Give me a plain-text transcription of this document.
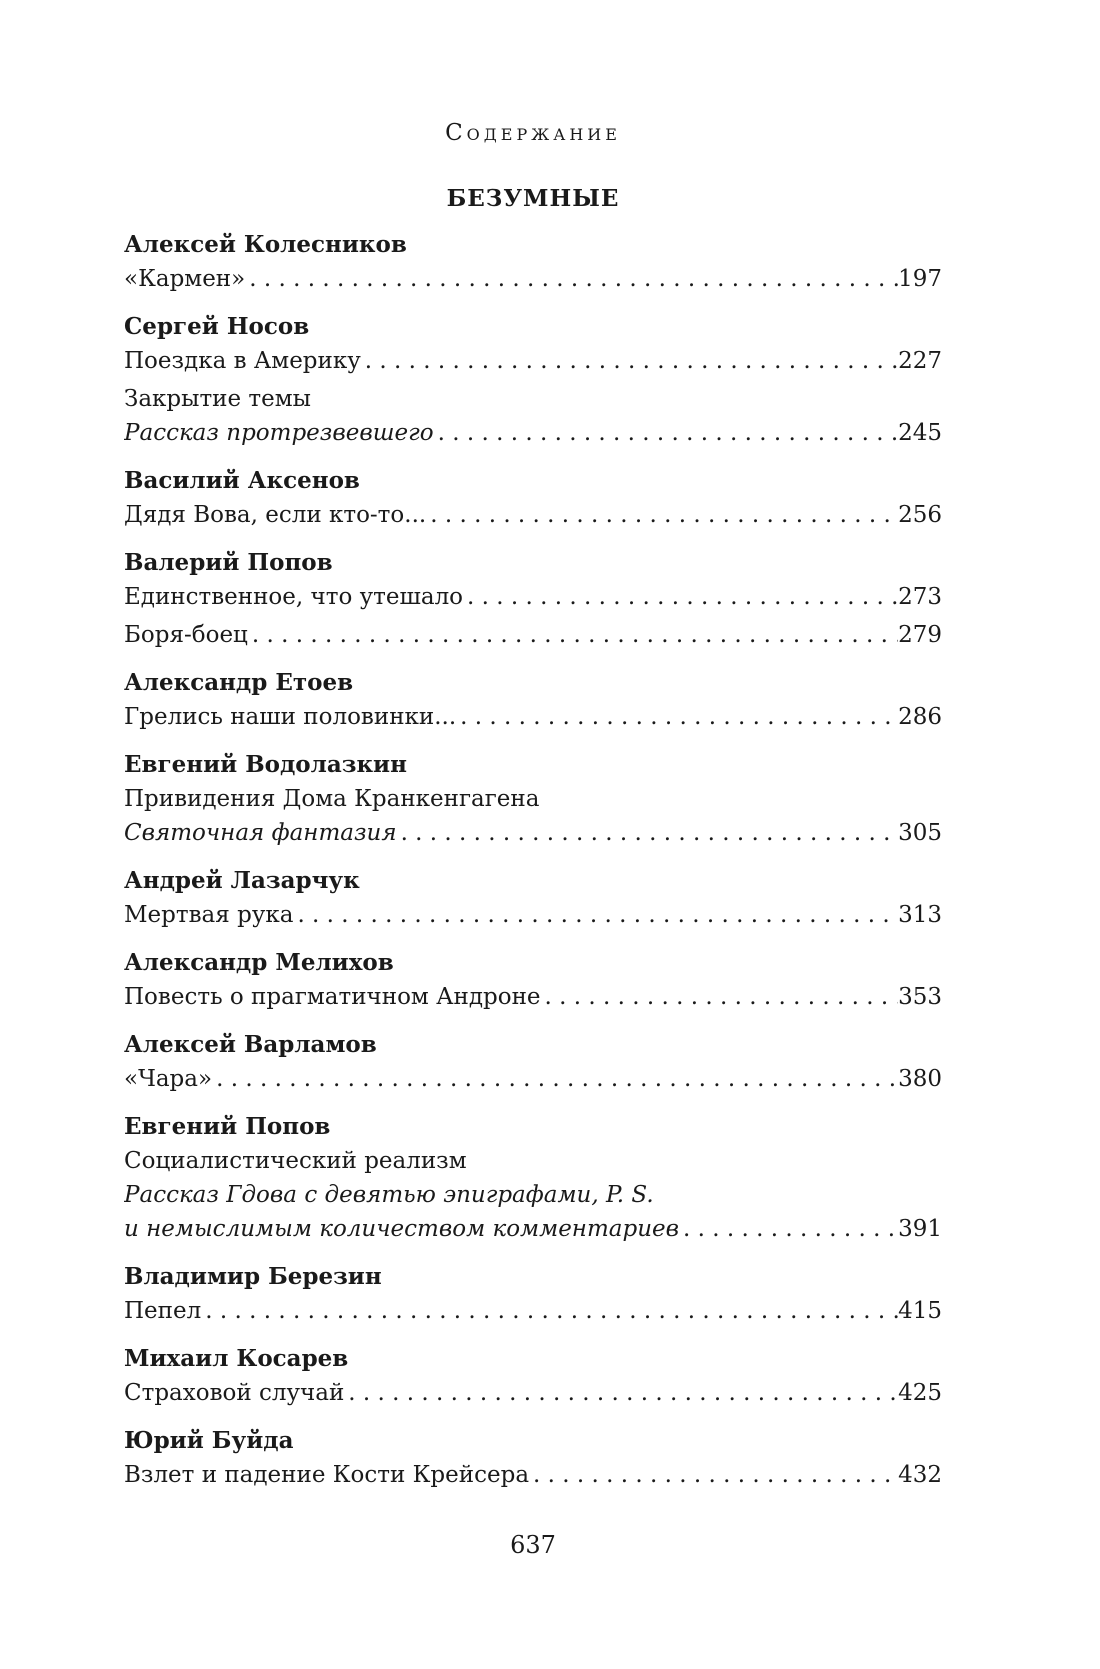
Содержание
БЕЗУМНЫЕ
Алексей Колесников
«Кармен» . . .	197
Сергей Носов
Поездка в Америку . . .	227
Закрытие темы
Рассказ протрезвевшего . . .	245
Василий Аксенов
Дядя Вова, если кто-то... . . .	256
Валерий Попов
Единственное, что утешало . . .	273
Боря-боец . . .	279
Александр Етоев
Грелись наши половинки... . . .	286
Евгений Водолазкин
Привидения Дома Кранкенгагена
Святочная фантазия . . .	305
Андрей Лазарчук
Мертвая рука . . .	313
Александр Мелихов
Повесть о прагматичном Андроне . . .	353
Алексей Варламов
«Чара» . . .	380
Евгений Попов
Социалистический реализм
Рассказ Гдова с девятью эпиграфами, P. S.
и немыслимым количеством комментариев . . .	391
Владимир Березин
Пепел . . .	415
Михаил Косарев
Страховой случай . . .	425
Юрий Буйда
Взлет и падение Кости Крейсера . . .	432
637
